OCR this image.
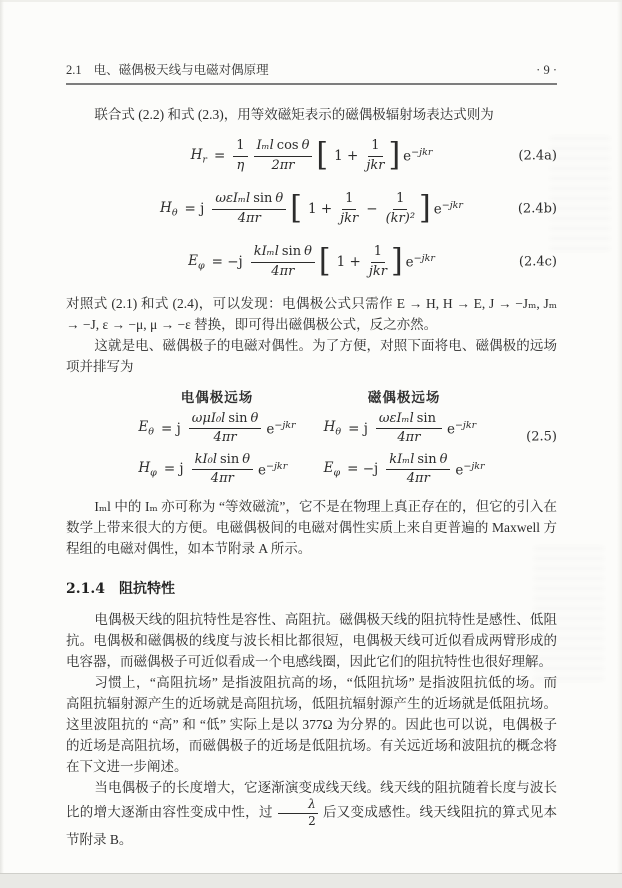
2.1 电、磁偶极天线与电磁对偶原理	· 9 ·

联合式 (2.2) 和式 (2.3)，用等效磁矩表示的磁偶极辐射场表达式则为

$H_r = \frac{1}{\eta} \frac{\text{Iₘl cos θ}}{2\pi r}$ [ $1 + \frac{1}{\text{jkr}}$ ] $e^{-jkr}$	(2.4a)
$H_\theta = j \frac{\text{ωεIₘl sin θ}}{4\pi r}$ [ $1 + \frac{1}{\text{jkr}} - \frac{1}{\text{(kr)²}}$ ] $e^{-jkr}$	(2.4b)
$E_\varphi = -j \frac{\text{kIₘl sin θ}}{4\pi r}$ [ $1 + \frac{1}{\text{jkr}}$ ] $e^{-jkr}$	(2.4c)

对照式 (2.1) 和式 (2.4)，可以发现：电偶极公式只需作 E → H, H → E, J → −Jₘ, Jₘ → −J, ε → −μ, μ → −ε 替换，即可得出磁偶极公式，反之亦然。

这就是电、磁偶极子的电磁对偶性。为了方便，对照下面将电、磁偶极的远场项并排写为

电偶极远场	磁偶极远场
$E_\theta = j \frac{\text{ωμI₀l sin θ}}{4\pi r} e^{-jkr}$ $H_\theta = j \frac{\text{ωεIₘl sin}}{4\pi r} e^{-jkr}$
$H_\varphi = j \frac{\text{kI₀l sin θ}}{4\pi r} e^{-jkr}$	$E_\varphi = -j \frac{\text{kIₘl sin θ}}{4\pi r} e^{-jkr}$
(2.5)

Iₘl 中的 Iₘ 亦可称为 “等效磁流”，它不是在物理上真正存在的，但它的引入在数学上带来很大的方便。电磁偶极间的电磁对偶性实质上来自更普遍的 Maxwell 方程组的电磁对偶性，如本节附录 A 所示。

2.1.4 阻抗特性

电偶极天线的阻抗特性是容性、高阻抗。磁偶极天线的阻抗特性是感性、低阻抗。电偶极和磁偶极的线度与波长相比都很短，电偶极天线可近似看成两臂形成的电容器，而磁偶极子可近似看成一个电感线圈，因此它们的阻抗特性也很好理解。

习惯上，“高阻抗场” 是指波阻抗高的场，“低阻抗场” 是指波阻抗低的场。而高阻抗辐射源产生的近场就是高阻抗场，低阻抗辐射源产生的近场就是低阻抗场。这里波阻抗的 “高” 和 “低” 实际上是以 377Ω 为分界的。因此也可以说，电偶极子的近场是高阻抗场，而磁偶极子的近场是低阻抗场。有关远近场和波阻抗的概念将在下文进一步阐述。

当电偶极子的长度增大，它逐渐演变成线天线。线天线的阻抗随着长度与波长比的增大逐渐由容性变成中性，过 $\frac{\lambda}{2}$ 后又变成感性。线天线阻抗的算式见本节附录 B。
